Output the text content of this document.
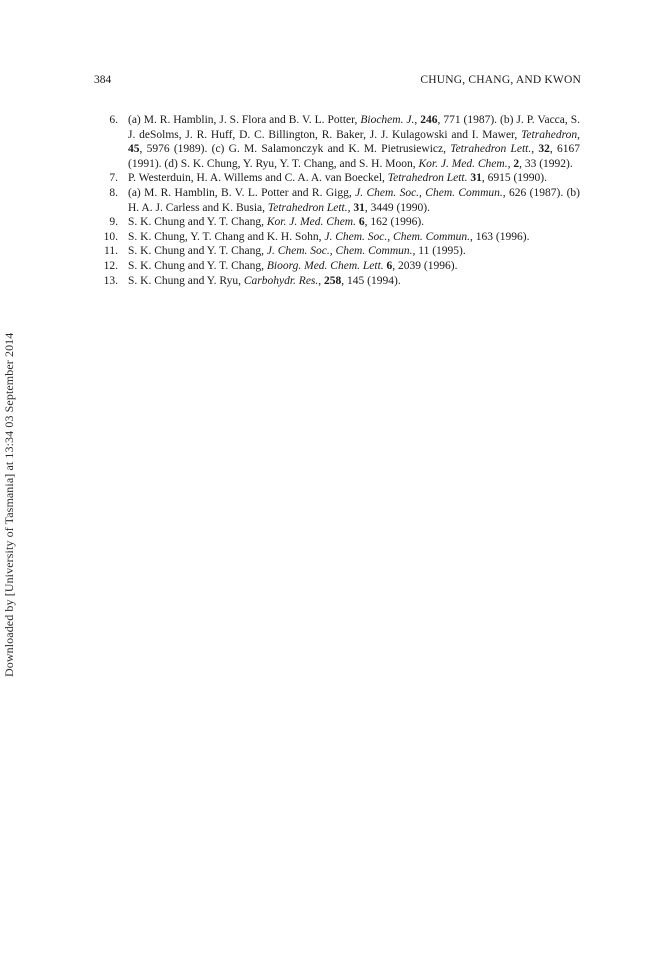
384	CHUNG, CHANG, AND KWON
Downloaded by [University of Tasmania] at 13:34 03 September 2014
6. (a) M. R. Hamblin, J. S. Flora and B. V. L. Potter, Biochem. J., 246, 771 (1987). (b) J. P. Vacca, S. J. deSolms, J. R. Huff, D. C. Billington, R. Baker, J. J. Kulagowski and I. Mawer, Tetrahedron, 45, 5976 (1989). (c) G. M. Salamonczyk and K. M. Pietrusiewicz, Tetrahedron Lett., 32, 6167 (1991). (d) S. K. Chung, Y. Ryu, Y. T. Chang, and S. H. Moon, Kor. J. Med. Chem., 2, 33 (1992).
7. P. Westerduin, H. A. Willems and C. A. A. van Boeckel, Tetrahedron Lett. 31, 6915 (1990).
8. (a) M. R. Hamblin, B. V. L. Potter and R. Gigg, J. Chem. Soc., Chem. Commun., 626 (1987). (b) H. A. J. Carless and K. Busia, Tetrahedron Lett., 31, 3449 (1990).
9. S. K. Chung and Y. T. Chang, Kor. J. Med. Chem. 6, 162 (1996).
10. S. K. Chung, Y. T. Chang and K. H. Sohn, J. Chem. Soc., Chem. Commun., 163 (1996).
11. S. K. Chung and Y. T. Chang, J. Chem. Soc., Chem. Commun., 11 (1995).
12. S. K. Chung and Y. T. Chang, Bioorg. Med. Chem. Lett. 6, 2039 (1996).
13. S. K. Chung and Y. Ryu, Carbohydr. Res., 258, 145 (1994).
